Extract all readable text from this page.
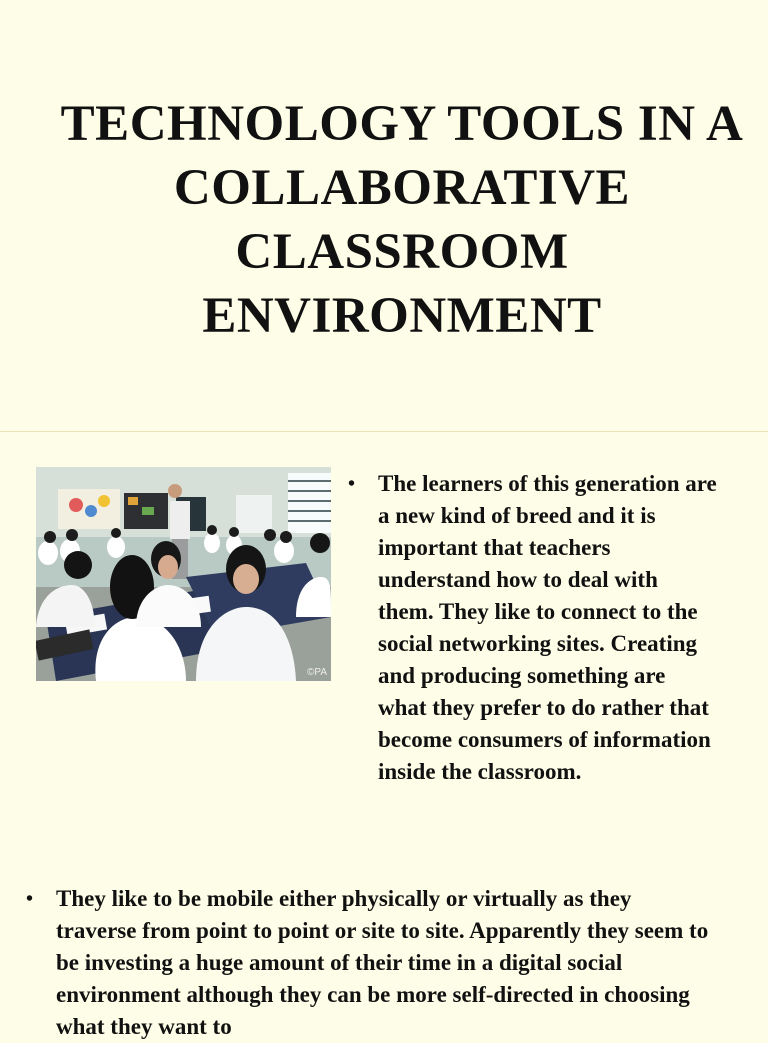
TECHNOLOGY TOOLS IN A COLLABORATIVE CLASSROOM ENVIRONMENT
©PA
• The learners of this generation are a new kind of breed and it is important that teachers understand how to deal with them. They like to connect to the social networking sites. Creating and producing something are what they prefer to do rather that become consumers of information inside the classroom.
• They like to be mobile either physically or virtually as they traverse from point to point or site to site. Apparently they seem to be investing a huge amount of their time in a digital social environment although they can be more self-directed in choosing what they want to
